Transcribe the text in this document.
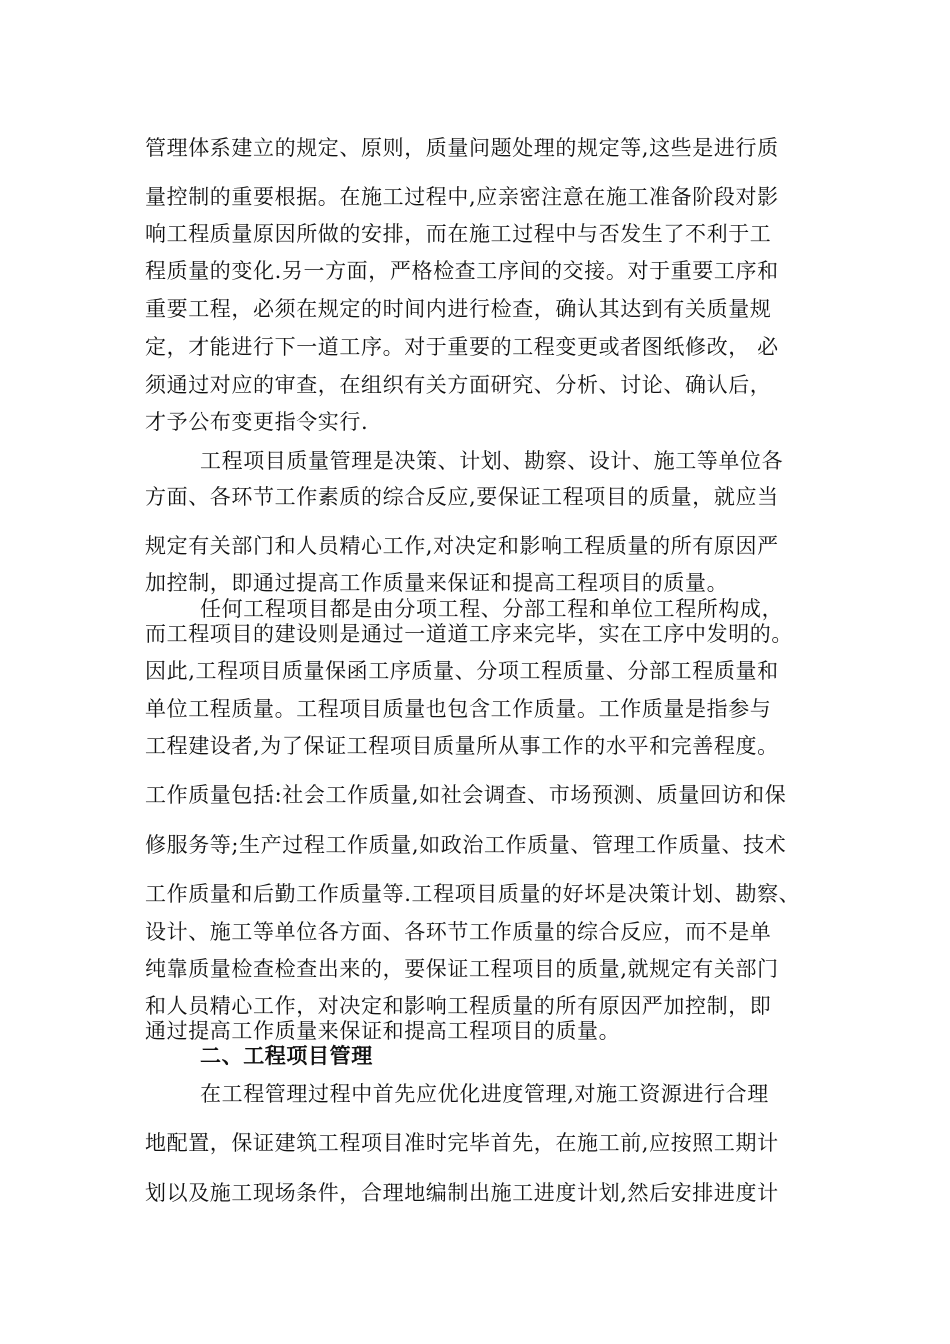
管理体系建立的规定、原则，质量问题处理的规定等,这些是进行质
量控制的重要根据。在施工过程中,应亲密注意在施工准备阶段对影
响工程质量原因所做的安排，而在施工过程中与否发生了不利于工
程质量的变化.另一方面，严格检查工序间的交接。对于重要工序和
重要工程，必须在规定的时间内进行检查，确认其达到有关质量规
定，才能进行下一道工序。对于重要的工程变更或者图纸修改， 必
须通过对应的审查，在组织有关方面研究、分析、讨论、确认后，
才予公布变更指令实行.
工程项目质量管理是决策、计划、勘察、设计、施工等单位各
方面、各环节工作素质的综合反应,要保证工程项目的质量，就应当
规定有关部门和人员精心工作,对决定和影响工程质量的所有原因严
加控制，即通过提高工作质量来保证和提高工程项目的质量。
任何工程项目都是由分项工程、分部工程和单位工程所构成，
而工程项目的建设则是通过一道道工序来完毕，实在工序中发明的。
因此,工程项目质量保函工序质量、分项工程质量、分部工程质量和
单位工程质量。工程项目质量也包含工作质量。工作质量是指参与
工程建设者,为了保证工程项目质量所从事工作的水平和完善程度。
工作质量包括:社会工作质量,如社会调查、市场预测、质量回访和保
修服务等;生产过程工作质量,如政治工作质量、管理工作质量、技术
工作质量和后勤工作质量等.工程项目质量的好坏是决策计划、勘察、
设计、施工等单位各方面、各环节工作质量的综合反应，而不是单
纯靠质量检查检查出来的，要保证工程项目的质量,就规定有关部门
和人员精心工作，对决定和影响工程质量的所有原因严加控制，即
通过提高工作质量来保证和提高工程项目的质量。
二、工程项目管理
在工程管理过程中首先应优化进度管理,对施工资源进行合理
地配置，保证建筑工程项目准时完毕首先，在施工前,应按照工期计
划以及施工现场条件，合理地编制出施工进度计划,然后安排进度计
